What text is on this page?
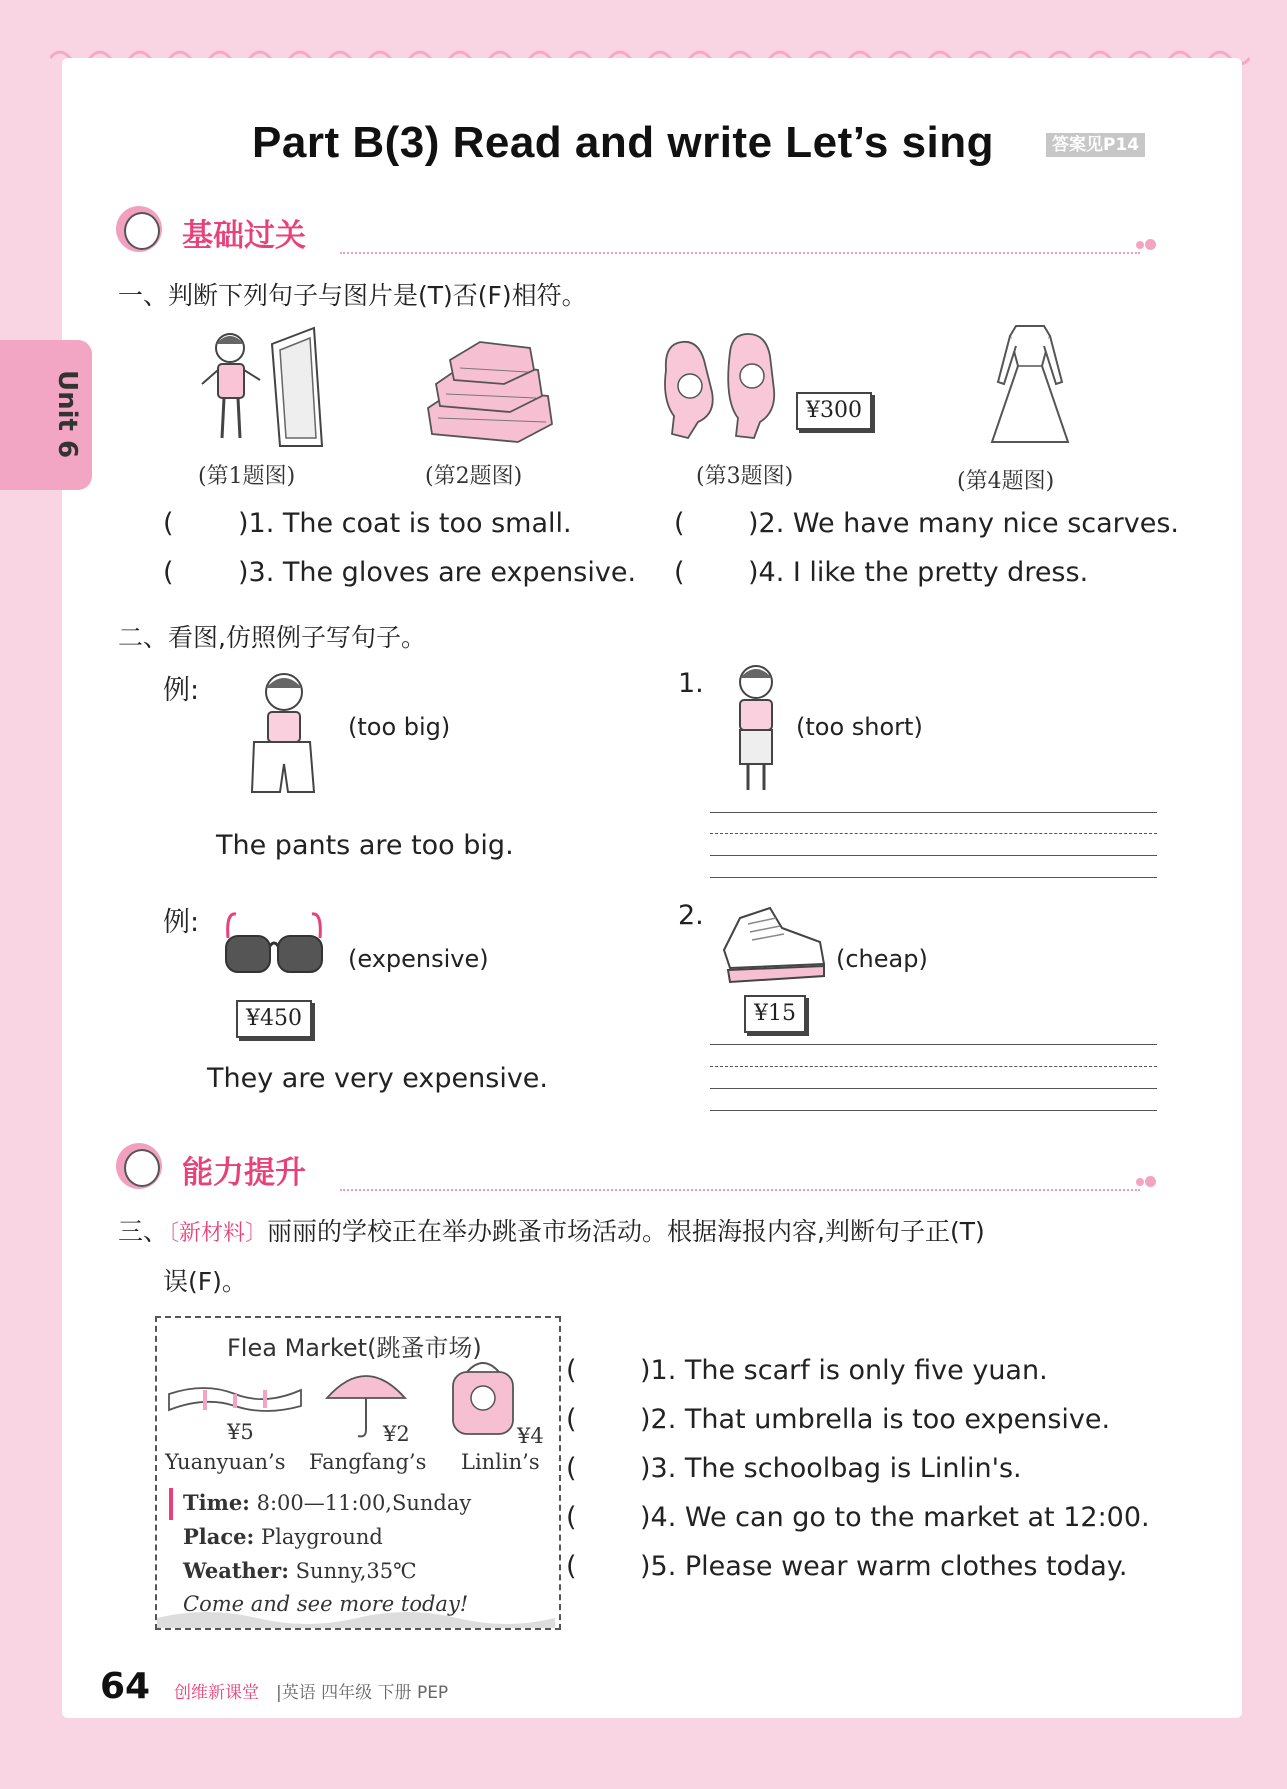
Unit 6
Part B(3) Read and write Let’s sing	答案见P14
基础过关
一、判断下列句子与图片是(T)否(F)相符。
¥300
(第1题图)	(第2题图)	(第3题图)	(第4题图)
( )1. The coat is too small.	( )2. We have many nice scarves.
( )3. The gloves are expensive. ( )4. I like the pretty dress.
二、看图,仿照例子写句子。
例:
(too big)
The pants are too big.
1.
(too short)
例:
¥450
(expensive)
They are very expensive.
2.
¥15
(cheap)
能力提升
三、〔新材料〕丽丽的学校正在举办跳蚤市场活动。根据海报内容,判断句子正(T)
误(F)。
Flea Market(跳蚤市场)
¥5	¥2	¥4
Yuanyuan’s Fangfang’s Linlin’s
Time: 8:00—11:00,Sunday
Place: Playground
Weather: Sunny,35℃
Come and see more today!
( )1. The scarf is only five yuan.
( )2. That umbrella is too expensive.
( )3. The schoolbag is Linlin's.
( )4. We can go to the market at 12:00.
( )5. Please wear warm clothes today.
64 创维新课堂 |英语 四年级 下册 PEP
